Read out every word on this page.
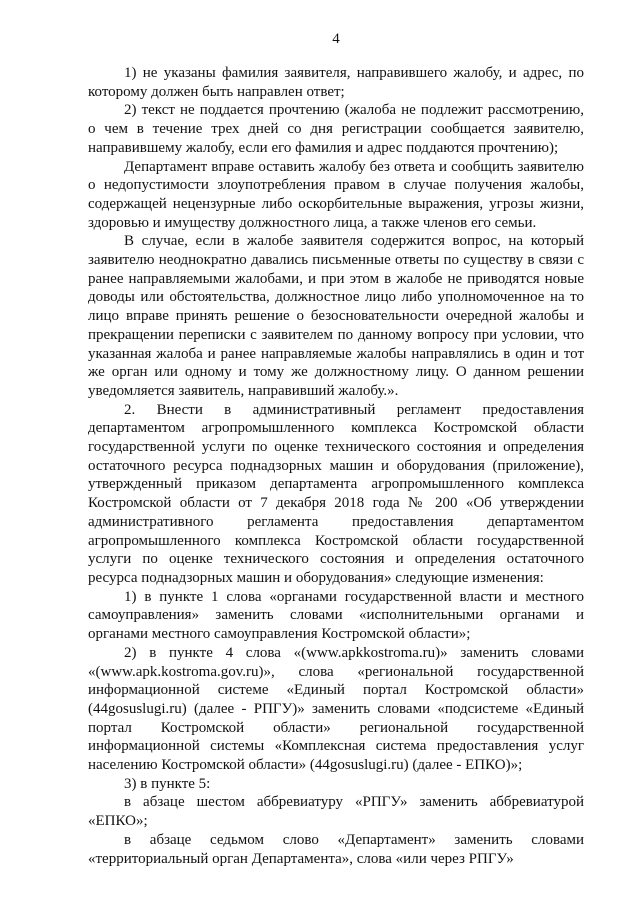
4

1) не указаны фамилия заявителя, направившего жалобу, и адрес, по которому должен быть направлен ответ;

2) текст не поддается прочтению (жалоба не подлежит рассмотрению, о чем в течение трех дней со дня регистрации сообщается заявителю, направившему жалобу, если его фамилия и адрес поддаются прочтению);

Департамент вправе оставить жалобу без ответа и сообщить заявителю о недопустимости злоупотребления правом в случае получения жалобы, содержащей нецензурные либо оскорбительные выражения, угрозы жизни, здоровью и имуществу должностного лица, а также членов его семьи.

В случае, если в жалобе заявителя содержится вопрос, на который заявителю неоднократно давались письменные ответы по существу в связи с ранее направляемыми жалобами, и при этом в жалобе не приводятся новые доводы или обстоятельства, должностное лицо либо уполномоченное на то лицо вправе принять решение о безосновательности очередной жалобы и прекращении переписки с заявителем по данному вопросу при условии, что указанная жалоба и ранее направляемые жалобы направлялись в один и тот же орган или одному и тому же должностному лицу. О данном решении уведомляется заявитель, направивший жалобу.».

2. Внести в административный регламент предоставления департаментом агропромышленного комплекса Костромской области государственной услуги по оценке технического состояния и определения остаточного ресурса поднадзорных машин и оборудования (приложение), утвержденный приказом департамента агропромышленного комплекса Костромской области от 7 декабря 2018 года № 200 «Об утверждении административного регламента предоставления департаментом агропромышленного комплекса Костромской области государственной услуги по оценке технического состояния и определения остаточного ресурса поднадзорных машин и оборудования» следующие изменения:

1) в пункте 1 слова «органами государственной власти и местного самоуправления» заменить словами «исполнительными органами и органами местного самоуправления Костромской области»;

2) в пункте 4 слова «(www.apkkostroma.ru)» заменить словами «(www.apk.kostroma.gov.ru)», слова «региональной государственной информационной системе «Единый портал Костромской области» (44gosuslugi.ru) (далее - РПГУ)» заменить словами «подсистеме «Единый портал Костромской области» региональной государственной информационной системы «Комплексная система предоставления услуг населению Костромской области» (44gosuslugi.ru) (далее - ЕПКО)»;

3) в пункте 5:

в абзаце шестом аббревиатуру «РПГУ» заменить аббревиатурой «ЕПКО»;

в абзаце седьмом слово «Департамент» заменить словами «территориальный орган Департамента», слова «или через РПГУ»
